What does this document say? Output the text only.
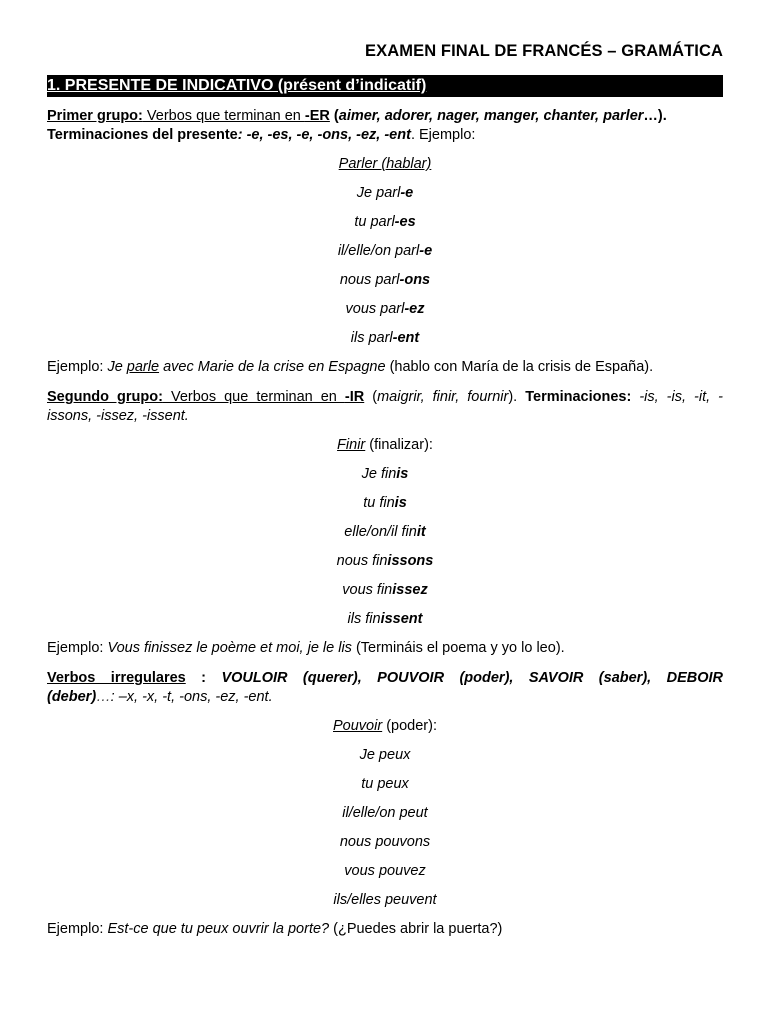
EXAMEN FINAL DE FRANCÉS – GRAMÁTICA
1. PRESENTE DE INDICATIVO (présent d’indicatif)
Primer grupo: Verbos que terminan en -ER (aimer, adorer, nager, manger, chanter, parler…).
Terminaciones del presente: -e, -es, -e, -ons, -ez, -ent. Ejemplo:
Parler (hablar)
Je parl-e
tu parl-es
il/elle/on parl-e
nous parl-ons
vous parl-ez
ils parl-ent
Ejemplo: Je parle avec Marie de la crise en Espagne (hablo con María de la crisis de España).
Segundo grupo: Verbos que terminan en -IR (maigrir, finir, fournir). Terminaciones: -is, -is, -it, -
issons, -issez, -issent.
Finir (finalizar):
Je finis
tu finis
elle/on/il finit
nous finissons
vous finissez
ils finissent
Ejemplo: Vous finissez le poème et moi, je le lis (Termináis el poema y yo lo leo).
Verbos irregulares : VOULOIR (querer), POUVOIR (poder), SAVOIR (saber), DEBOIR
(deber)…: –x, -x, -t, -ons, -ez, -ent.
Pouvoir (poder):
Je peux
tu peux
il/elle/on peut
nous pouvons
vous pouvez
ils/elles peuvent
Ejemplo: Est-ce que tu peux ouvrir la porte? (¿Puedes abrir la puerta?)
